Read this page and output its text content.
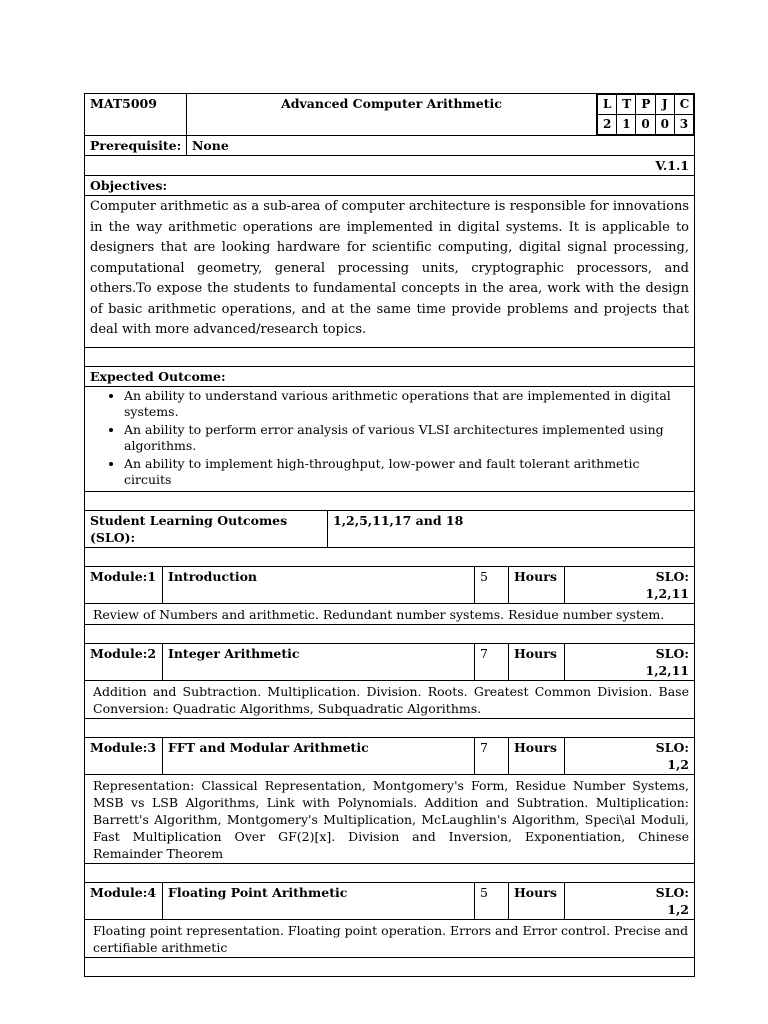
MAT5009	Advanced Computer Arithmetic		L	T	P	J	C
2	1	0	0	3
Prerequisite:	None
V.1.1
Objectives:
Computer arithmetic as a sub-area of computer architecture is responsible for innovations in the way arithmetic operations are implemented in digital systems. It is applicable to designers that are looking hardware for scientific computing, digital signal processing, computational geometry, general processing units, cryptographic processors, and others.To expose the students to fundamental concepts in the area, work with the design of basic arithmetic operations, and at the same time provide problems and projects that deal with more advanced/research topics.

Expected Outcome:

• An ability to understand various arithmetic operations that are implemented in digital systems.
• An ability to perform error analysis of various VLSI architectures implemented using algorithms.
• An ability to implement high-throughput, low-power and fault tolerant arithmetic circuits

Student Learning Outcomes (SLO):	1,2,5,11,17 and 18

Module:1	Introduction	5	Hours	SLO:
1,2,11
Review of Numbers and arithmetic. Redundant number systems. Residue number system.				

Module:2	Integer Arithmetic	7	Hours	SLO:
1,2,11
Addition and Subtraction. Multiplication. Division. Roots. Greatest Common Division. Base Conversion: Quadratic Algorithms, Subquadratic Algorithms.				

Module:3	FFT and Modular Arithmetic	7	Hours	SLO:
1,2
Representation: Classical Representation, Montgomery's Form, Residue Number Systems, MSB vs LSB Algorithms, Link with Polynomials. Addition and Subtration. Multiplication: Barrett's Algorithm, Montgomery's Multiplication, McLaughlin's Algorithm, Speci\al Moduli, Fast Multiplication Over GF(2)[x]. Division and Inversion, Exponentiation, Chinese Remainder Theorem				

Module:4	Floating Point Arithmetic	5	Hours	SLO:
1,2
Floating point representation. Floating point operation. Errors and Error control. Precise and certifiable arithmetic				
